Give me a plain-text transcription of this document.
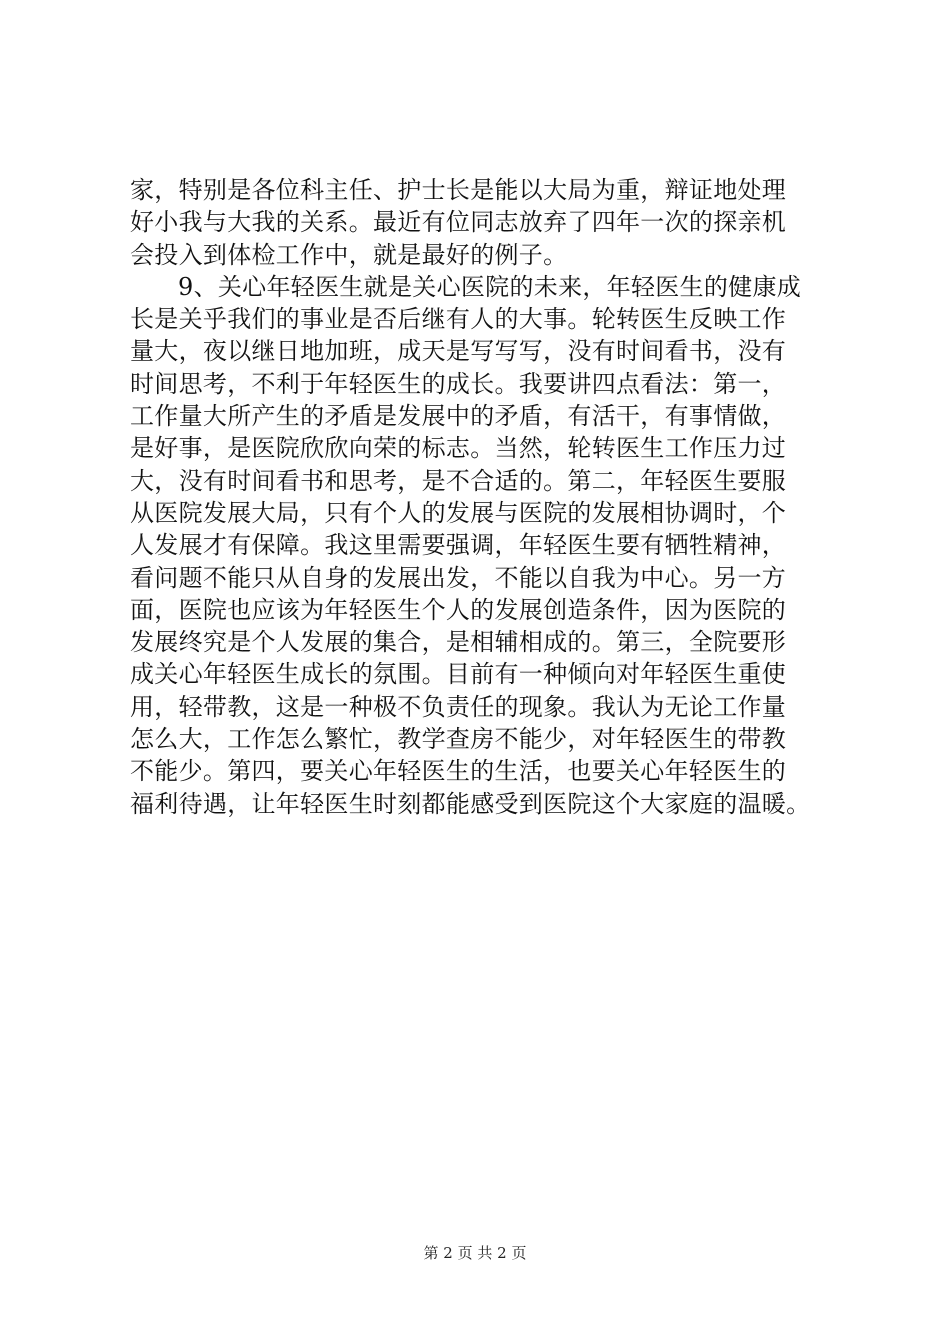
家，特别是各位科主任、护士长是能以大局为重，辩证地处理
好小我与大我的关系。最近有位同志放弃了四年一次的探亲机
会投入到体检工作中，就是最好的例子。
9、关心年轻医生就是关心医院的未来，年轻医生的健康成
长是关乎我们的事业是否后继有人的大事。轮转医生反映工作
量大，夜以继日地加班，成天是写写写，没有时间看书，没有
时间思考，不利于年轻医生的成长。我要讲四点看法：第一，
工作量大所产生的矛盾是发展中的矛盾，有活干，有事情做，
是好事，是医院欣欣向荣的标志。当然，轮转医生工作压力过
大，没有时间看书和思考，是不合适的。第二，年轻医生要服
从医院发展大局，只有个人的发展与医院的发展相协调时，个
人发展才有保障。我这里需要强调，年轻医生要有牺牲精神，
看问题不能只从自身的发展出发，不能以自我为中心。另一方
面，医院也应该为年轻医生个人的发展创造条件，因为医院的
发展终究是个人发展的集合，是相辅相成的。第三，全院要形
成关心年轻医生成长的氛围。目前有一种倾向对年轻医生重使
用，轻带教，这是一种极不负责任的现象。我认为无论工作量
怎么大，工作怎么繁忙，教学查房不能少，对年轻医生的带教
不能少。第四，要关心年轻医生的生活，也要关心年轻医生的
福利待遇，让年轻医生时刻都能感受到医院这个大家庭的温暖。
第 2 页 共 2 页
